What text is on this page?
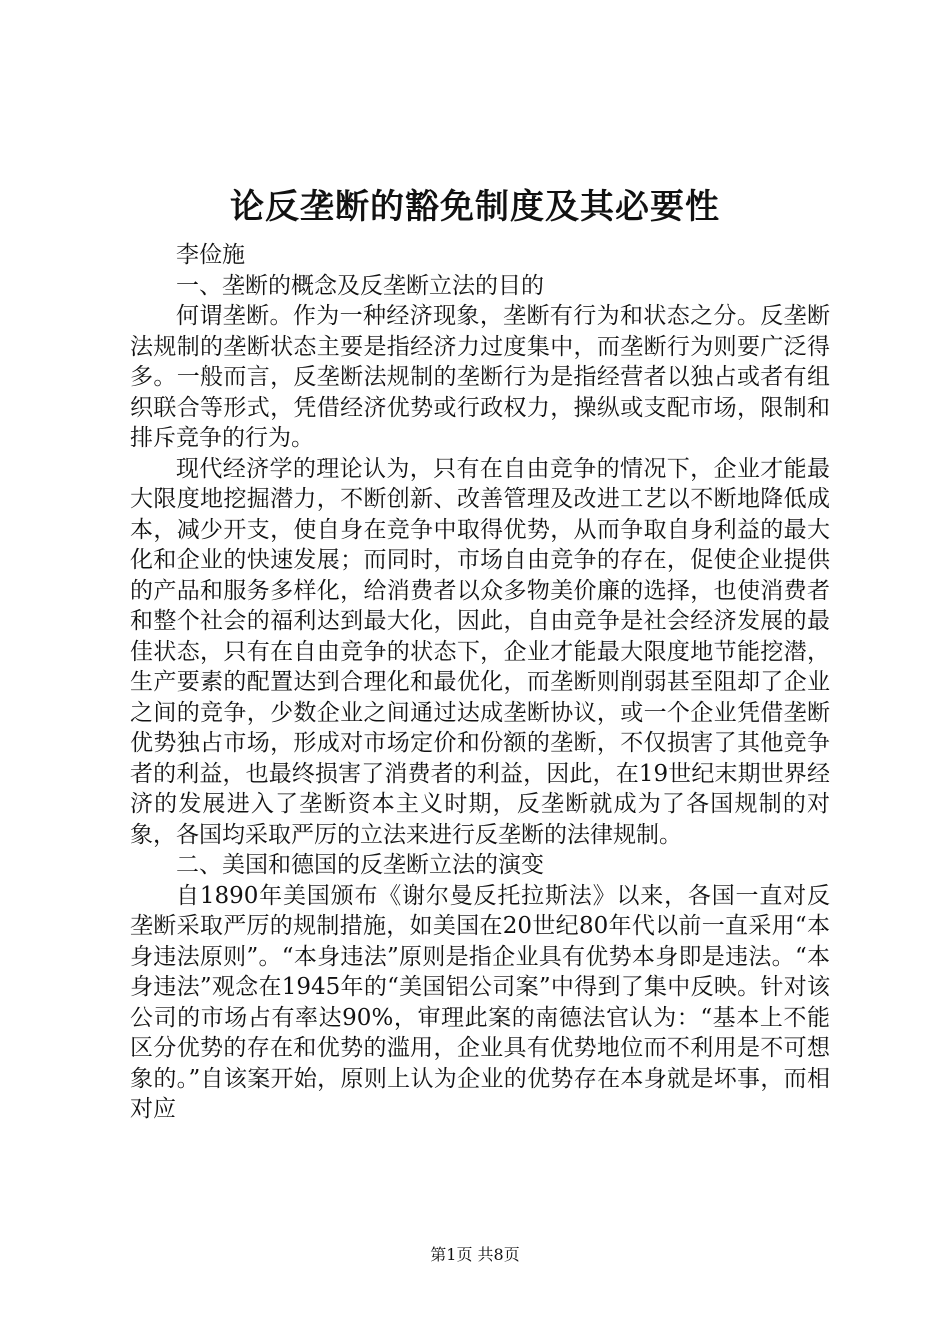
论反垄断的豁免制度及其必要性

李俭施

一、垄断的概念及反垄断立法的目的

何谓垄断。作为一种经济现象，垄断有行为和状态之分。反垄断法规制的垄断状态主要是指经济力过度集中，而垄断行为则要广泛得多。一般而言，反垄断法规制的垄断行为是指经营者以独占或者有组织联合等形式，凭借经济优势或行政权力，操纵或支配市场，限制和排斥竞争的行为。

现代经济学的理论认为，只有在自由竞争的情况下，企业才能最大限度地挖掘潜力，不断创新、改善管理及改进工艺以不断地降低成本，减少开支，使自身在竞争中取得优势，从而争取自身利益的最大化和企业的快速发展；而同时，市场自由竞争的存在，促使企业提供的产品和服务多样化，给消费者以众多物美价廉的选择，也使消费者和整个社会的福利达到最大化，因此，自由竞争是社会经济发展的最佳状态，只有在自由竞争的状态下，企业才能最大限度地节能挖潜，生产要素的配置达到合理化和最优化，而垄断则削弱甚至阻却了企业之间的竞争，少数企业之间通过达成垄断协议，或一个企业凭借垄断优势独占市场，形成对市场定价和份额的垄断，不仅损害了其他竞争者的利益，也最终损害了消费者的利益，因此，在19世纪末期世界经济的发展进入了垄断资本主义时期，反垄断就成为了各国规制的对象，各国均采取严厉的立法来进行反垄断的法律规制。

二、美国和德国的反垄断立法的演变

自1890年美国颁布《谢尔曼反托拉斯法》以来，各国一直对反垄断采取严厉的规制措施，如美国在20世纪80年代以前一直采用“本身违法原则”。“本身违法”原则是指企业具有优势本身即是违法。“本身违法”观念在1945年的“美国铝公司案”中得到了集中反映。针对该公司的市场占有率达90%，审理此案的南德法官认为：“基本上不能区分优势的存在和优势的滥用，企业具有优势地位而不利用是不可想象的。”自该案开始，原则上认为企业的优势存在本身就是坏事，而相对应

第1页 共8页
